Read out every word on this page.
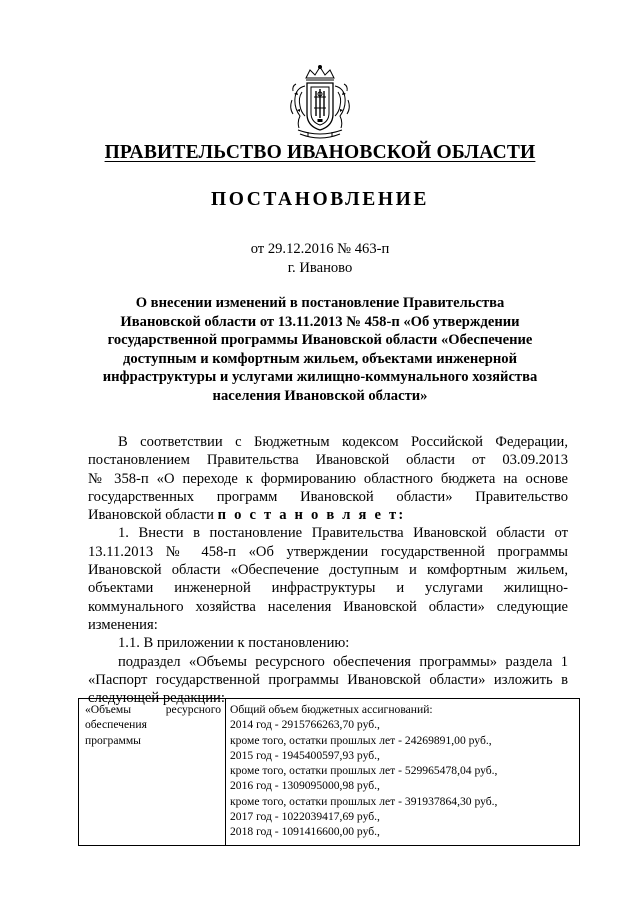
ПРАВИТЕЛЬСТВО ИВАНОВСКОЙ ОБЛАСТИ
ПОСТАНОВЛЕНИЕ
от 29.12.2016 № 463-п
г. Иваново
О внесении изменений в постановление Правительства
Ивановской области от 13.11.2013 № 458-п «Об утверждении
государственной программы Ивановской области «Обеспечение
доступным и комфортным жильем, объектами инженерной
инфраструктуры и услугами жилищно-коммунального хозяйства
населения Ивановской области»
В соответствии с Бюджетным кодексом Российской Федерации,
постановлением Правительства Ивановской области от 03.09.2013
№ 358-п «О переходе к формированию областного бюджета на основе
государственных программ Ивановской области» Правительство
Ивановской области п о с т а н о в л я е т:
1. Внести в постановление Правительства Ивановской области от
13.11.2013 № 458-п «Об утверждении государственной программы
Ивановской области «Обеспечение доступным и комфортным жильем,
объектами инженерной инфраструктуры и услугами жилищно-
коммунального хозяйства населения Ивановской области» следующие
изменения:
1.1. В приложении к постановлению:
подраздел «Объемы ресурсного обеспечения программы» раздела 1
«Паспорт государственной программы Ивановской области» изложить в
следующей редакции:
«Объемы ресурсного
обеспечения
программы
Общий объем бюджетных ассигнований:
2014 год - 2915766263,70 руб.,
кроме того, остатки прошлых лет - 24269891,00 руб.,
2015 год - 1945400597,93 руб.,
кроме того, остатки прошлых лет - 529965478,04 руб.,
2016 год - 1309095000,98 руб.,
кроме того, остатки прошлых лет - 391937864,30 руб.,
2017 год - 1022039417,69 руб.,
2018 год - 1091416600,00 руб.,
